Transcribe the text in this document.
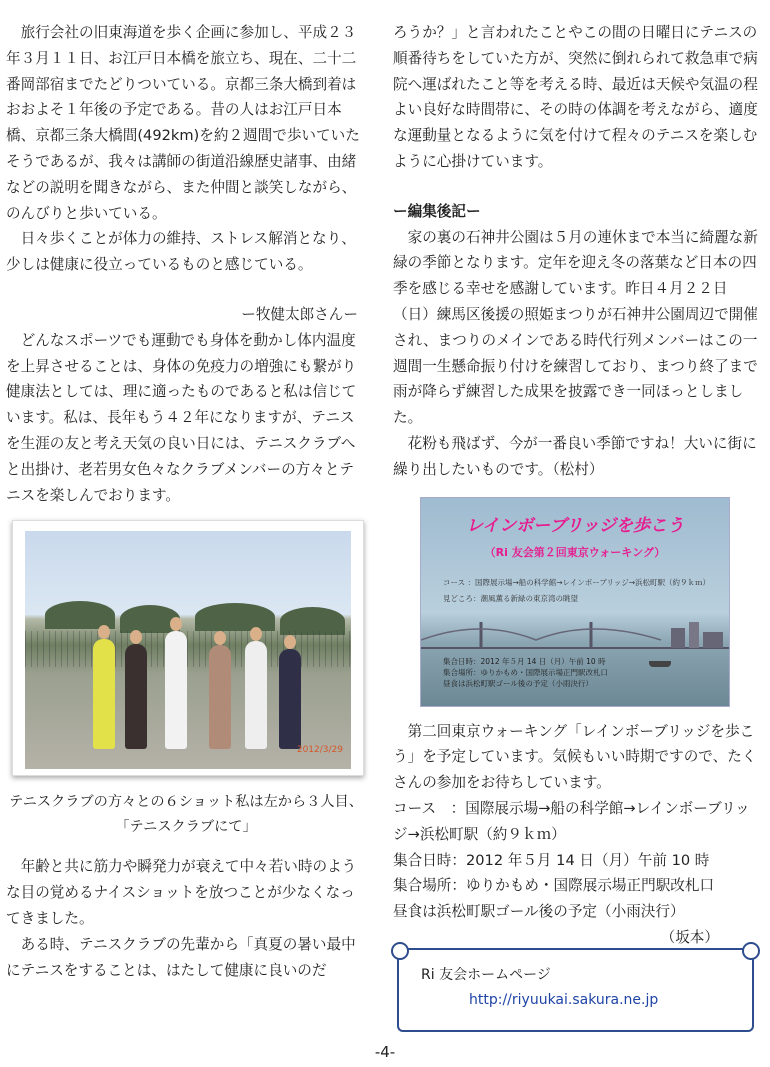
旅行会社の旧東海道を歩く企画に参加し、平成２３年３月１１日、お江戸日本橋を旅立ち、現在、二十二番岡部宿までたどりついている。京都三条大橋到着はおおよそ１年後の予定である。昔の人はお江戸日本橋、京都三条大橋間(492km)を約２週間で歩いていたそうであるが、我々は講師の街道沿線歴史諸事、由緒などの説明を聞きながら、また仲間と談笑しながら、のんびりと歩いている。

日々歩くことが体力の維持、ストレス解消となり、少しは健康に役立っているものと感じている。

ー牧健太郎さんー

どんなスポーツでも運動でも身体を動かし体内温度を上昇させることは、身体の免疫力の増強にも繋がり健康法としては、理に適ったものであると私は信じています。私は、長年もう４２年になりますが、テニスを生涯の友と考え天気の良い日には、テニスクラブへと出掛け、老若男女色々なクラブメンバーの方々とテニスを楽しんでおります。

2012/3/29
テニスクラブの方々との６ショット私は左から３人目、
「テニスクラブにて」

年齢と共に筋力や瞬発力が衰えて中々若い時のような目の覚めるナイスショットを放つことが少なくなってきました。

ある時、テニスクラブの先輩から「真夏の暑い最中にテニスをすることは、はたして健康に良いのだ

ろうか？」と言われたことやこの間の日曜日にテニスの順番待ちをしていた方が、突然に倒れられて救急車で病院へ運ばれたこと等を考える時、最近は天候や気温の程よい良好な時間帯に、その時の体調を考えながら、適度な運動量となるように気を付けて程々のテニスを楽しむように心掛けています。

ー編集後記ー

家の裏の石神井公園は５月の連休まで本当に綺麗な新緑の季節となります。定年を迎え冬の落葉など日本の四季を感じる幸せを感謝しています。昨日４月２２日（日）練馬区後援の照姫まつりが石神井公園周辺で開催され、まつりのメインである時代行列メンバーはこの一週間一生懸命振り付けを練習しており、まつり終了まで雨が降らず練習した成果を披露でき一同ほっとしました。

花粉も飛ばず、今が一番良い季節ですね！大いに街に繰り出したいものです。（松村）

レインボーブリッジを歩こう
（Ri 友会第２回東京ウォーキング）
コース ：国際展示場→船の科学館→レインボーブリッジ→浜松町駅（約９ｋｍ）
見どころ：潮風薫る新緑の東京湾の眺望
集合日時：2012 年５月 14 日（月）午前 10 時
集合場所：ゆりかもめ・国際展示場正門駅改札口
昼食は浜松町駅ゴール後の予定（小雨決行）

第二回東京ウォーキング「レインボーブリッジを歩こう」を予定しています。気候もいい時期ですので、たくさんの参加をお待ちしています。

コース　：国際展示場→船の科学館→レインボーブリッジ→浜松町駅（約９ｋｍ）

集合日時：2012 年５月 14 日（月）午前 10 時

集合場所：ゆりかもめ・国際展示場正門駅改札口

昼食は浜松町駅ゴール後の予定（小雨決行）

（坂本）

Ri 友会ホームページ
http://riyuukai.sakura.ne.jp
-4-
